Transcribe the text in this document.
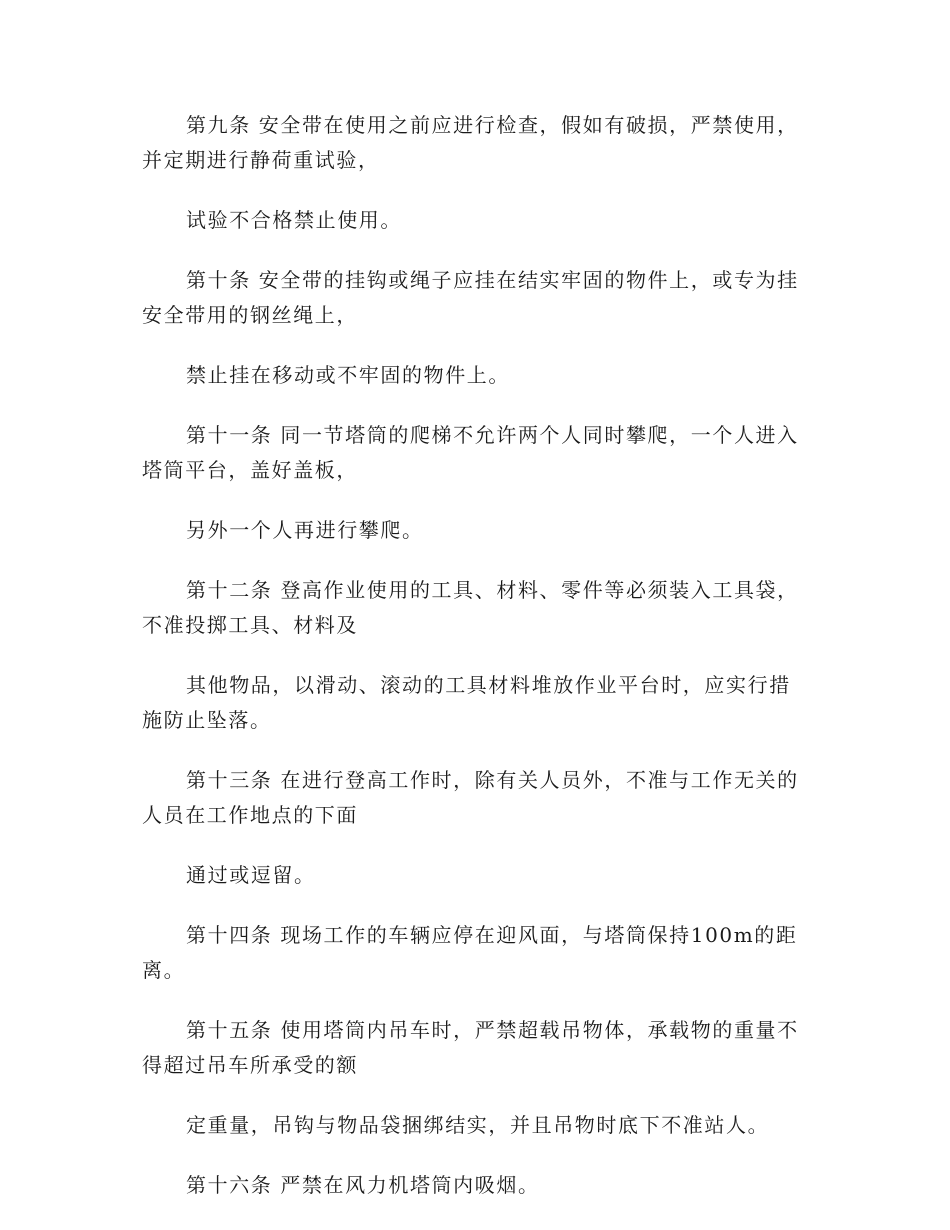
第九条 安全带在使用之前应进行检查，假如有破损，严禁使用，
并定期进行静荷重试验，

试验不合格禁止使用。

第十条 安全带的挂钩或绳子应挂在结实牢固的物件上，或专为挂
安全带用的钢丝绳上，

禁止挂在移动或不牢固的物件上。

第十一条 同一节塔筒的爬梯不允许两个人同时攀爬，一个人进入
塔筒平台，盖好盖板，

另外一个人再进行攀爬。

第十二条 登高作业使用的工具、材料、零件等必须装入工具袋，
不准投掷工具、材料及

其他物品，以滑动、滚动的工具材料堆放作业平台时，应实行措
施防止坠落。

第十三条 在进行登高工作时，除有关人员外，不准与工作无关的
人员在工作地点的下面

通过或逗留。

第十四条 现场工作的车辆应停在迎风面，与塔筒保持100m的距
离。

第十五条 使用塔筒内吊车时，严禁超载吊物体，承载物的重量不
得超过吊车所承受的额

定重量，吊钩与物品袋捆绑结实，并且吊物时底下不准站人。

第十六条 严禁在风力机塔筒内吸烟。
